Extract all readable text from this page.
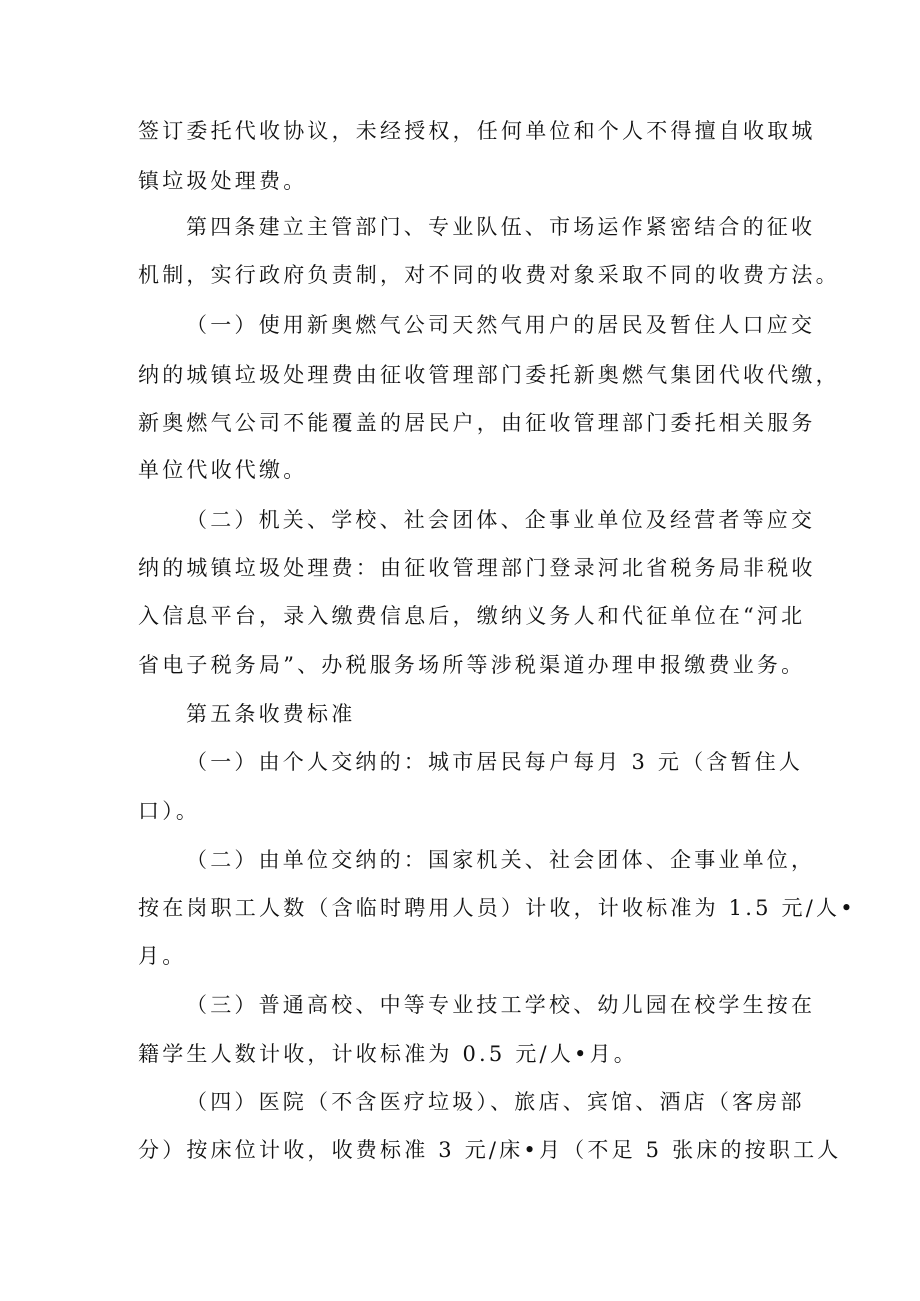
签订委托代收协议，未经授权，任何单位和个人不得擅自收取城
镇垃圾处理费。
第四条建立主管部门、专业队伍、市场运作紧密结合的征收
机制，实行政府负责制，对不同的收费对象采取不同的收费方法。
（一）使用新奥燃气公司天然气用户的居民及暂住人口应交
纳的城镇垃圾处理费由征收管理部门委托新奥燃气集团代收代缴，
新奥燃气公司不能覆盖的居民户，由征收管理部门委托相关服务
单位代收代缴。
（二）机关、学校、社会团体、企事业单位及经营者等应交
纳的城镇垃圾处理费：由征收管理部门登录河北省税务局非税收
入信息平台，录入缴费信息后，缴纳义务人和代征单位在“河北
省电子税务局”、办税服务场所等涉税渠道办理申报缴费业务。
第五条收费标准
（一）由个人交纳的：城市居民每户每月 3 元（含暂住人
口）。
（二）由单位交纳的：国家机关、社会团体、企事业单位，
按在岗职工人数（含临时聘用人员）计收，计收标准为 1.5 元/人•
月。
（三）普通高校、中等专业技工学校、幼儿园在校学生按在
籍学生人数计收，计收标准为 0.5 元/人•月。
（四）医院（不含医疗垃圾）、旅店、宾馆、酒店（客房部
分）按床位计收，收费标准 3 元/床•月（不足 5 张床的按职工人
